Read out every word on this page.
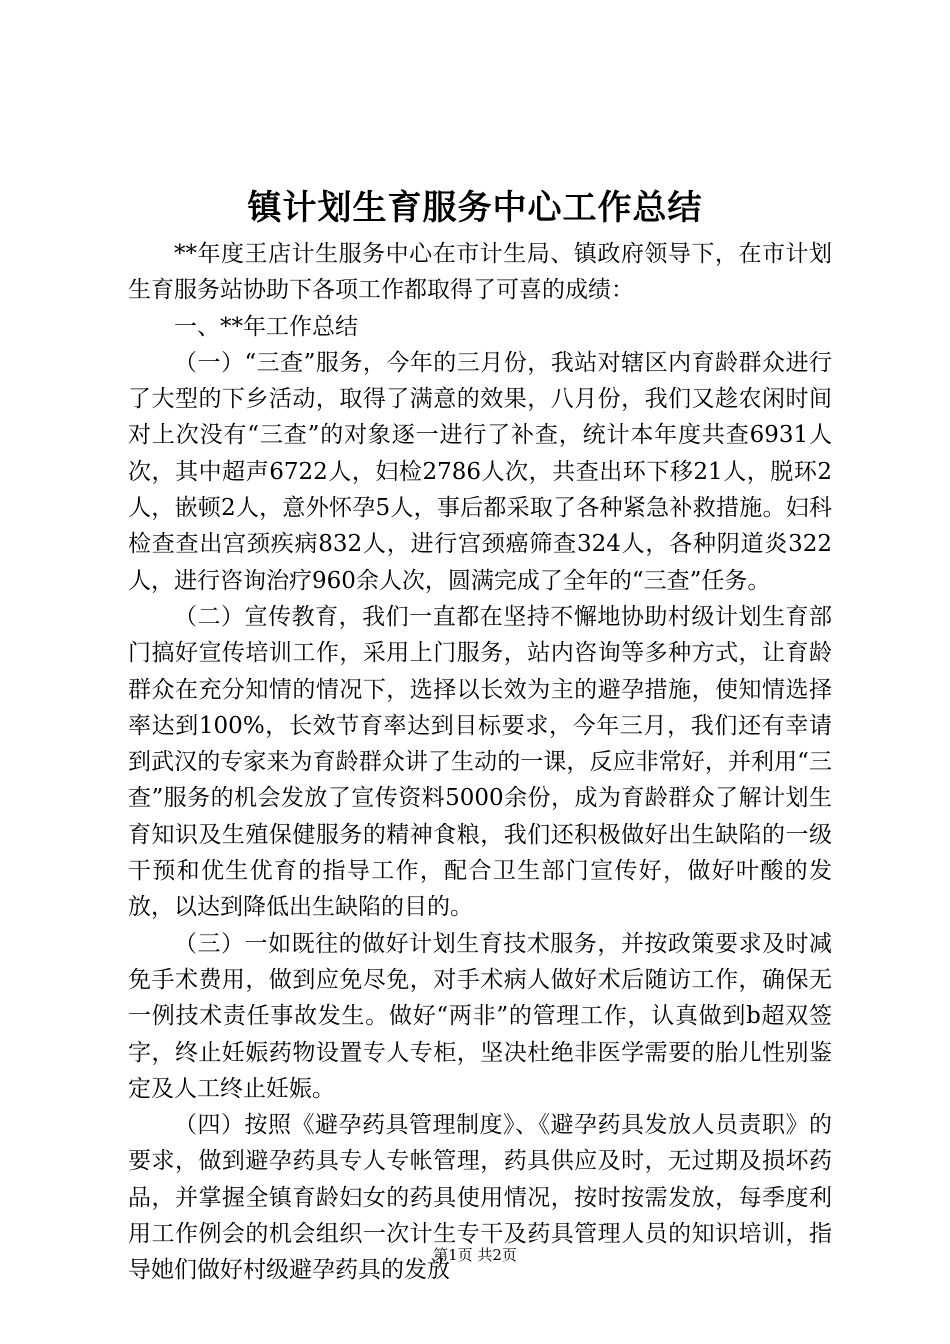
镇计划生育服务中心工作总结

**年度王店计生服务中心在市计生局、镇政府领导下，在市计划生育服务站协助下各项工作都取得了可喜的成绩：

一、**年工作总结

（一）“三查”服务，今年的三月份，我站对辖区内育龄群众进行了大型的下乡活动，取得了满意的效果，八月份，我们又趁农闲时间对上次没有“三查”的对象逐一进行了补查，统计本年度共查6931人次，其中超声6722人，妇检2786人次，共查出环下移21人，脱环2人，嵌顿2人，意外怀孕5人，事后都采取了各种紧急补救措施。妇科检查查出宫颈疾病832人，进行宫颈癌筛查324人，各种阴道炎322人，进行咨询治疗960余人次，圆满完成了全年的“三查”任务。

（二）宣传教育，我们一直都在坚持不懈地协助村级计划生育部门搞好宣传培训工作，采用上门服务，站内咨询等多种方式，让育龄群众在充分知情的情况下，选择以长效为主的避孕措施，使知情选择率达到100%，长效节育率达到目标要求，今年三月，我们还有幸请到武汉的专家来为育龄群众讲了生动的一课，反应非常好，并利用“三查”服务的机会发放了宣传资料5000余份，成为育龄群众了解计划生育知识及生殖保健服务的精神食粮，我们还积极做好出生缺陷的一级干预和优生优育的指导工作，配合卫生部门宣传好，做好叶酸的发放，以达到降低出生缺陷的目的。

（三）一如既往的做好计划生育技术服务，并按政策要求及时减免手术费用，做到应免尽免，对手术病人做好术后随访工作，确保无一例技术责任事故发生。做好“两非”的管理工作，认真做到b超双签字，终止妊娠药物设置专人专柜，坚决杜绝非医学需要的胎儿性别鉴定及人工终止妊娠。

（四）按照《避孕药具管理制度》、《避孕药具发放人员责职》的要求，做到避孕药具专人专帐管理，药具供应及时，无过期及损坏药品，并掌握全镇育龄妇女的药具使用情况，按时按需发放，每季度利用工作例会的机会组织一次计生专干及药具管理人员的知识培训，指导她们做好村级避孕药具的发放

第1页 共2页
